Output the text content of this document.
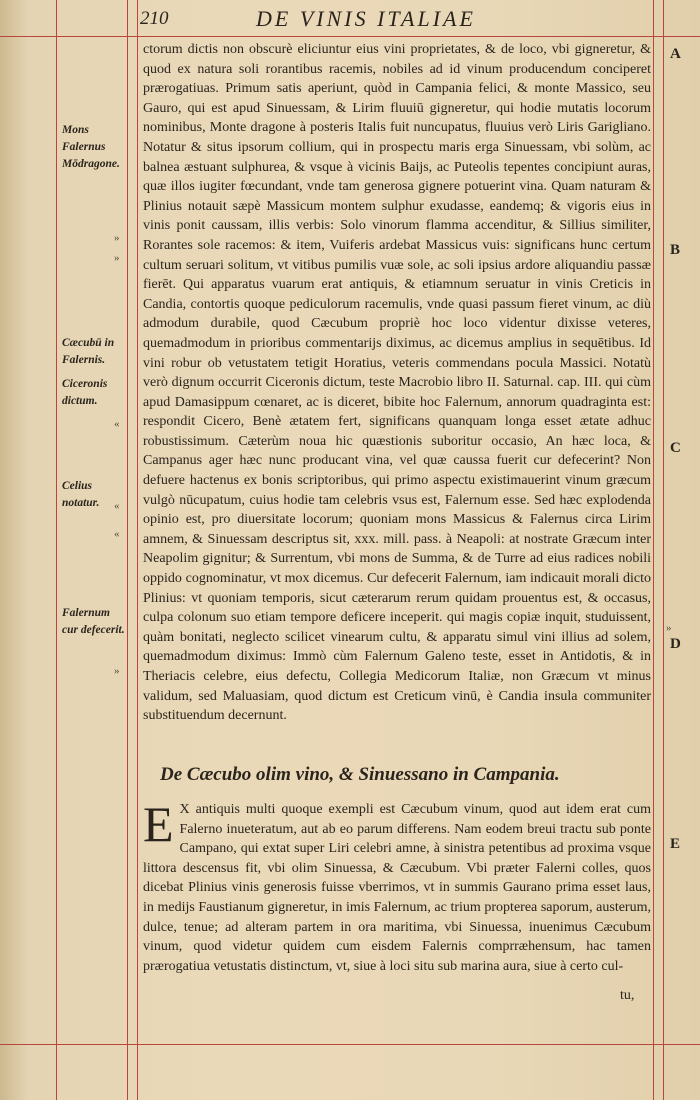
210	DE VINIS ITALIAE

ctorum dictis non obscurè eliciuntur eius vini proprietates, & de loco, vbi gigneretur, & quod ex natura soli rorantibus racemis, nobiles ad id vinum producendum conciperet prærogatiuas. Primum satis aperiunt, quòd in Campania felici, & monte Massico, seu Gauro, qui est apud Sinuessam, & Lirim fluuiū gigneretur, qui hodie mutatis locorum nominibus, Monte dragone à posteris Italis fuit nuncupatus, fluuius verò Liris Garigliano. Notatur & situs ipsorum collium, qui in prospectu maris erga Sinuessam, vbi solùm, ac balnea æstuant sulphurea, & vsque à vicinis Baijs, ac Puteolis tepentes concipiunt auras, quæ illos iugiter fœcundant, vnde tam generosa gignere potuerint vina. Quam naturam & Plinius notauit sæpè Massicum montem sulphur exudasse, eandemq; & vigoris eius in vinis ponit caussam, illis verbis: Solo vinorum flamma accenditur, & Sillius similiter, Rorantes sole racemos: & item, Vuiferis ardebat Massicus vuis: significans hunc certum cultum seruari solitum, vt vitibus pumilis vuæ sole, ac soli ipsius ardore aliquandiu passæ fierēt. Qui apparatus vuarum erat antiquis, & etiamnum seruatur in vinis Creticis in Candia, contortis quoque pediculorum racemulis, vnde quasi passum fieret vinum, ac diù admodum durabile, quod Cæcubum propriè hoc loco videntur dixisse veteres, quemadmodum in prioribus commentarijs diximus, ac dicemus amplius in sequētibus. Id vini robur ob vetustatem tetigit Horatius, veteris commendans pocula Massici. Notatù verò dignum occurrit Ciceronis dictum, teste Macrobio libro II. Saturnal. cap. III. qui cùm apud Damasippum cœnaret, ac is diceret, bibite hoc Falernum, annorum quadraginta est: respondit Cicero, Benè ætatem fert, significans quanquam longa esset ætate adhuc robustissimum. Cæterùm noua hic quæstionis suboritur occasio, An hæc loca, & Campanus ager hæc nunc producant vina, vel quæ caussa fuerit cur defecerint? Non defuere hactenus ex bonis scriptoribus, qui primo aspectu existimauerint vinum græcum vulgò nūcupatum, cuius hodie tam celebris vsus est, Falernum esse. Sed hæc explodenda opinio est, pro diuersitate locorum; quoniam mons Massicus & Falernus circa Lirim amnem, & Sinuessam descriptus sit, xxx. mill. pass. à Neapoli: at nostrate Græcum inter Neapolim gignitur; & Surrentum, vbi mons de Summa, & de Turre ad eius radices nobili oppido cognominatur, vt mox dicemus. Cur defecerit Falernum, iam indicauit morali dicto Plinius: vt quoniam temporis, sicut cæterarum rerum quidam prouentus est, & occasus, culpa colonum suo etiam tempore deficere inceperit. qui magis copiæ inquit, studuissent, quàm bonitati, neglecto scilicet vinearum cultu, & apparatu simul vini illius ad solem, quemadmodum diximus: Immò cùm Falernum Galeno teste, esset in Antidotis, & in Theriacis celebre, eius defectu, Collegia Medicorum Italiæ, non Græcum vt minus validum, sed Maluasiam, quod dictum est Creticum vinū, è Candia insula communiter substituendum decernunt.

De Cæcubo olim vino, & Sinuessano in Campania.
E X antiquis multi quoque exempli est Cæcubum vinum, quod aut idem erat cum Falerno inueteratum, aut ab eo parum differens. Nam eodem breui tractu sub ponte Campano, qui extat super Liri celebri amne, à sinistra petentibus ad proxima vsque littora descensus fit, vbi olim Sinuessa, & Cæcubum. Vbi præter Falerni colles, quos dicebat Plinius vinis generosis fuisse vberrimos, vt in summis Gaurano prima esset laus, in medijs Faustianum gigneretur, in imis Falernum, ac trium propterea saporum, austerum, dulce, tenue; ad alteram partem in ora maritima, vbi Sinuessa, inuenimus Cæcubum vinum, quod videtur quidem cum eisdem Falernis comprræhensum, hac tamen prærogatiua vetustatis distinctum, vt, siue à loci situ sub marina aura, siue à certo cul-
tu,
Mons Falernus Mōdragone.
Cæcubū in Falernis.
Ciceronis dictum.
Celius notatur.
Falernum cur defecerit.
»
»
«
«
«
»
»
A
B
C
D
E
